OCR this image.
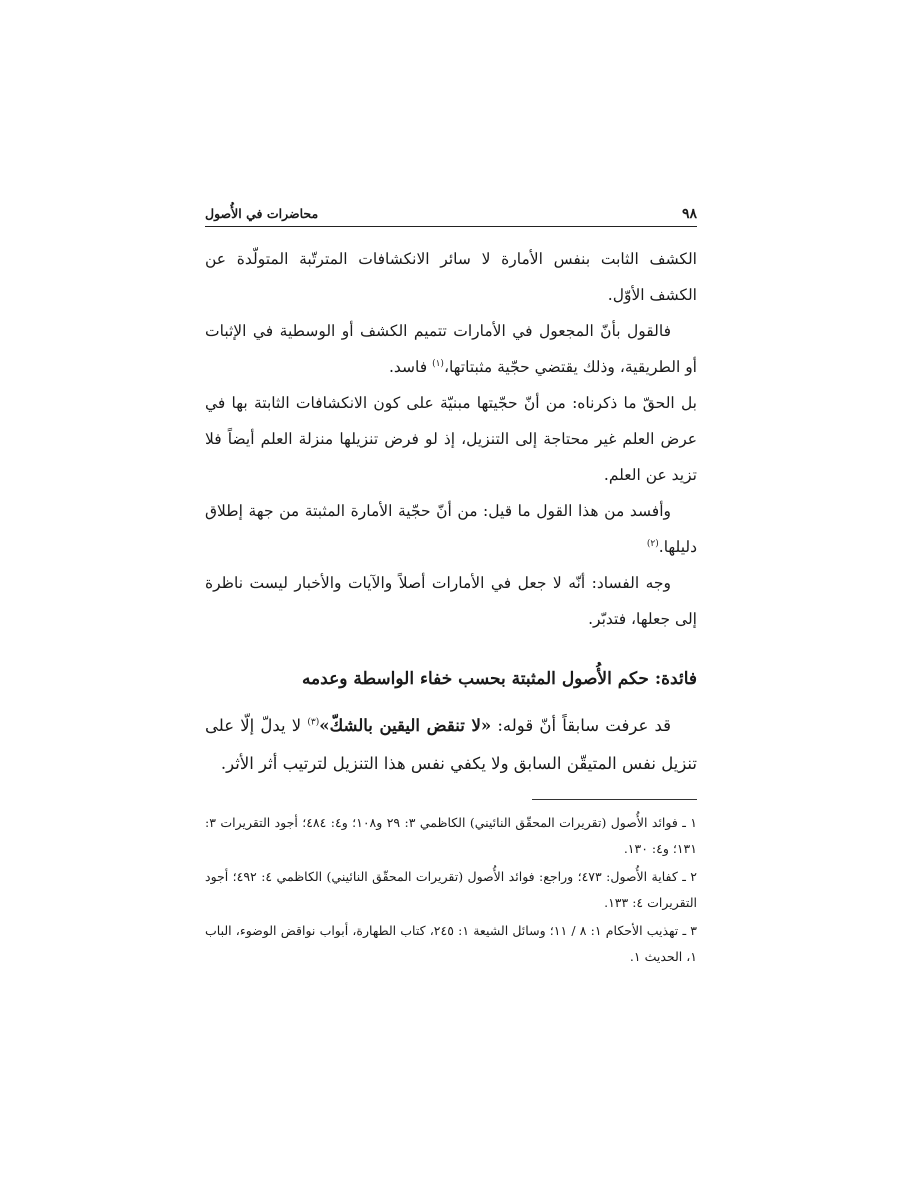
٩٨
محاضرات في الأُصول

الكشف الثابت بنفس الأمارة لا سائر الانكشافات المترتّبة المتولّدة عن الكشف الأوّل.

فالقول بأنّ المجعول في الأمارات تتميم الكشف أو الوسطية في الإثبات أو الطريقية، وذلك يقتضي حجّية مثبتاتها،$^{(١)}$ فاسد.

بل الحقّ ما ذكرناه: من أنّ حجّيتها مبنيّة على كون الانكشافات الثابتة بها في عرض العلم غير محتاجة إلى التنزيل، إذ لو فرض تنزيلها منزلة العلم أيضاً فلا تزيد عن العلم.

وأفسد من هذا القول ما قيل: من أنّ حجّية الأمارة المثبتة من جهة إطلاق دليلها.$^{(٢)}$

وجه الفساد: أنّه لا جعل في الأمارات أصلاً والآيات والأخبار ليست ناظرة إلى جعلها، فتدبّر.

فائدة: حكم الأُصول المثبتة بحسب خفاء الواسطة وعدمه

قد عرفت سابقاً أنّ قوله: «لا تنقض اليقين بالشكّ»$^{(٣)}$ لا يدلّ إلّا على تنزيل نفس المتيقّن السابق ولا يكفي نفس هذا التنزيل لترتيب أثر الأثر.

١ ـ فوائد الأُصول (تقريرات المحقّق النائيني) الكاظمي ٣: ٢٩ و١٠٨؛ و٤: ٤٨٤؛ أجود التقريرات ٣: ١٣١؛ و٤: ١٣٠.

٢ ـ كفاية الأُصول: ٤٧٣؛ وراجع: فوائد الأُصول (تقريرات المحقّق النائيني) الكاظمي ٤: ٤٩٢؛ أجود التقريرات ٤: ١٣٣.

٣ ـ تهذيب الأحكام ١: ٨ / ١١؛ وسائل الشيعة ١: ٢٤٥، كتاب الطهارة، أبواب نواقض الوضوء، الباب ١، الحديث ١.
